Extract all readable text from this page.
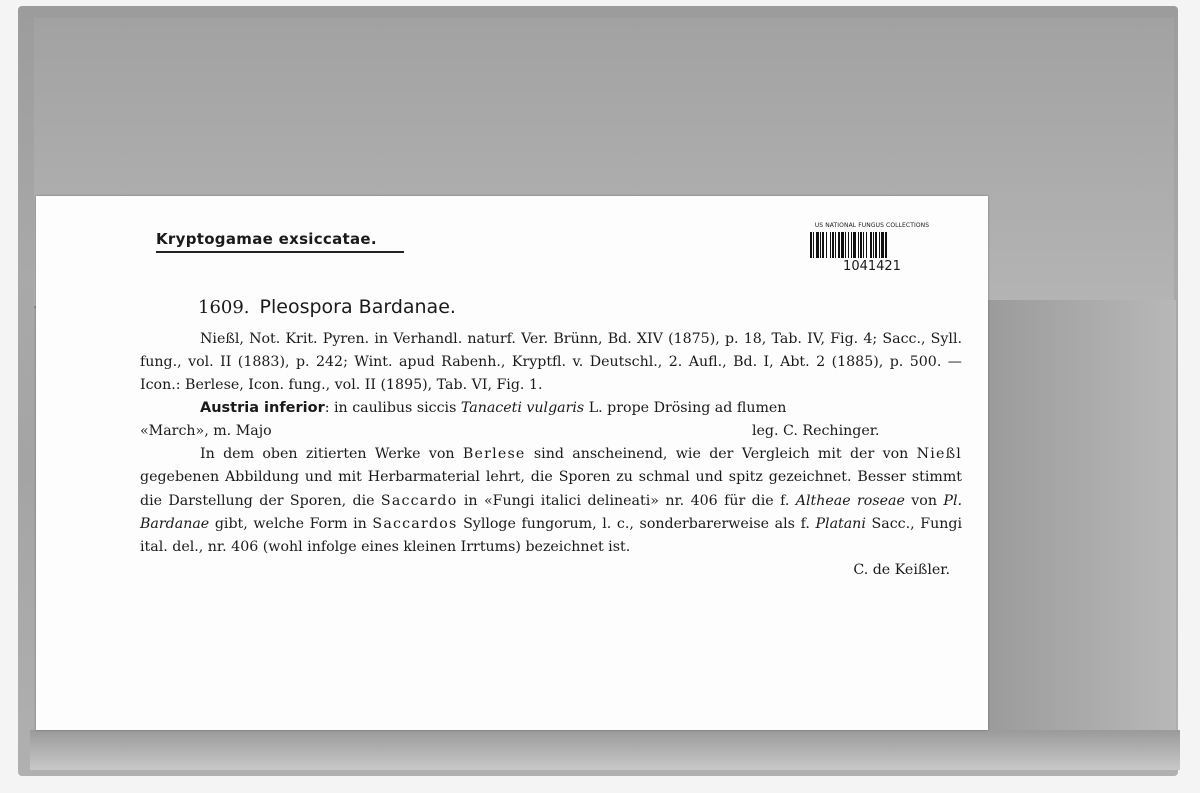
Kryptogamae exsiccatae.
US NATIONAL FUNGUS COLLECTIONS
1041421
1609. Pleospora Bardanae.

Nießl, Not. Krit. Pyren. in Verhandl. naturf. Ver. Brünn, Bd. XIV (1875), p. 18, Tab. IV, Fig. 4; Sacc., Syll. fung., vol. II (1883), p. 242; Wint. apud Rabenh., Kryptfl. v. Deutschl., 2. Aufl., Bd. I, Abt. 2 (1885), p. 500. — Icon.: Berlese, Icon. fung., vol. II (1895), Tab. VI, Fig. 1.

Austria inferior: in caulibus siccis Tanaceti vulgaris L. prope Drösing ad flumen

«March», m. Majo	leg. C. Rechinger.

In dem oben zitierten Werke von Berlese sind anscheinend, wie der Vergleich mit der von Nießl gegebenen Abbildung und mit Herbarmaterial lehrt, die Sporen zu schmal und spitz gezeichnet. Besser stimmt die Darstellung der Sporen, die Saccardo in «Fungi italici delineati» nr. 406 für die f. Altheae roseae von Pl. Bardanae gibt, welche Form in Saccardos Sylloge fungorum, l. c., sonderbarerweise als f. Platani Sacc., Fungi ital. del., nr. 406 (wohl infolge eines kleinen Irrtums) bezeichnet ist.

C. de Keißler.
